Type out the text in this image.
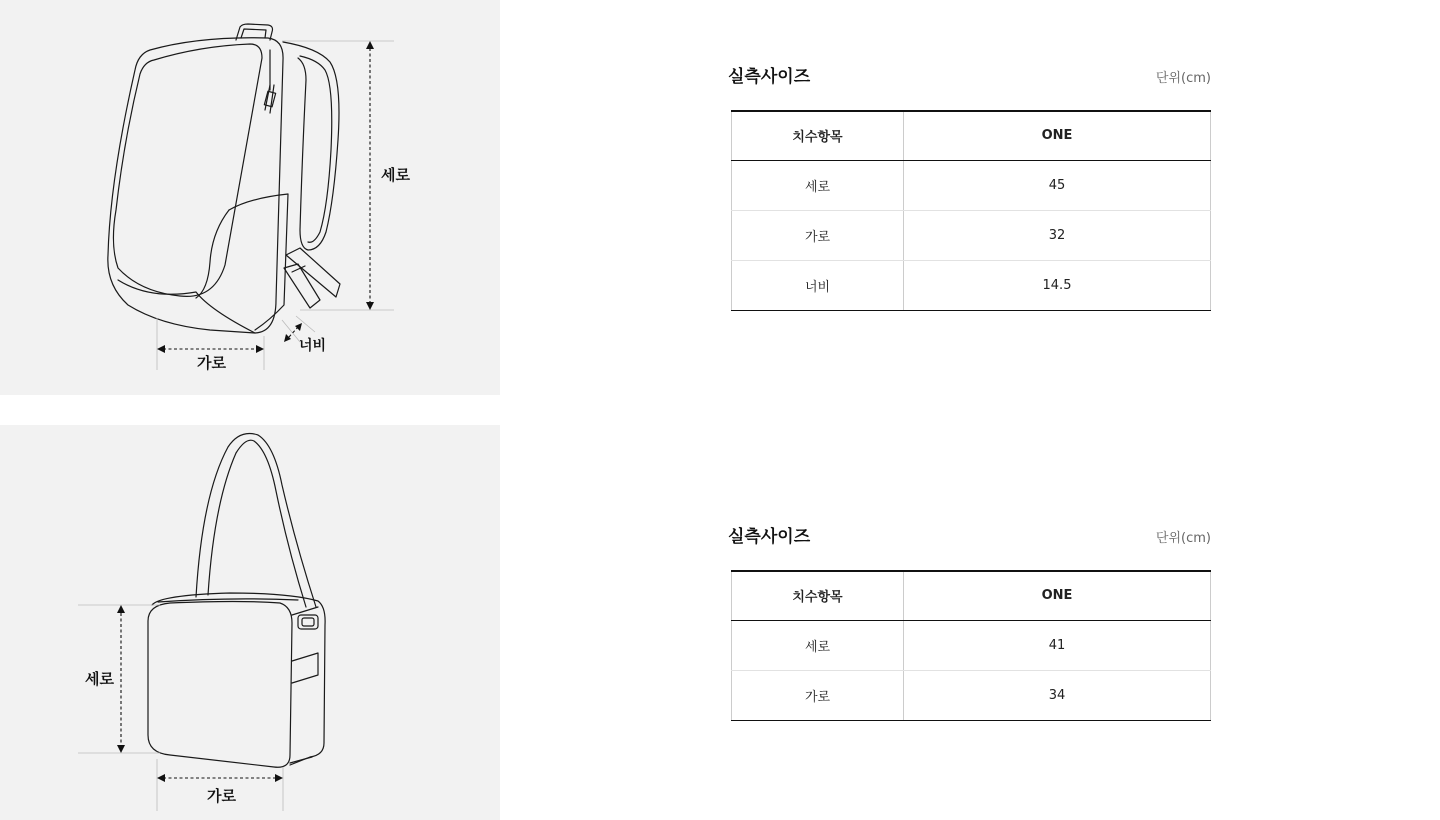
세로
가로
너비
실측사이즈	단위(cm)
치수항목	ONE
세로	45
가로	32
너비	14.5
세로
가로
실측사이즈	단위(cm)
치수항목	ONE
세로	41
가로	34
